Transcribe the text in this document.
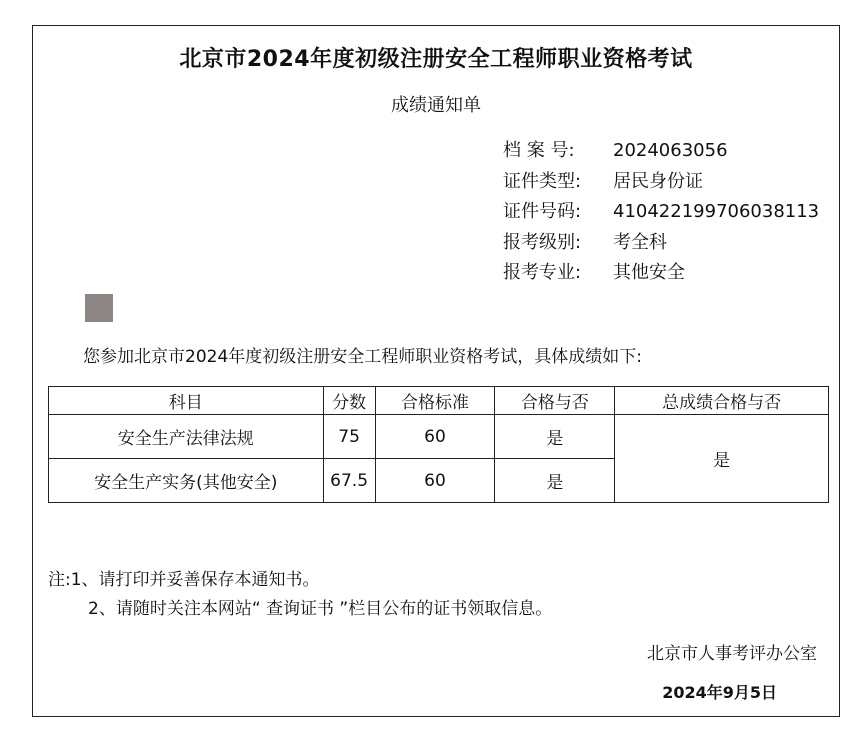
北京市2024年度初级注册安全工程师职业资格考试
成绩通知单
档 案 号:	2024063056
证件类型:	居民身份证
证件号码:	410422199706038113
报考级别:	考全科
报考专业:	其他安全
您参加北京市2024年度初级注册安全工程师职业资格考试，具体成绩如下:
科目	分数	合格标准	合格与否	总成绩合格与否
安全生产法律法规	75	60	是	是
安全生产实务(其他安全)	67.5	60	是	
注:1、请打印并妥善保存本通知书。
2、请随时关注本网站“ 查询证书 ”栏目公布的证书领取信息。
北京市人事考评办公室
2024年9月5日
